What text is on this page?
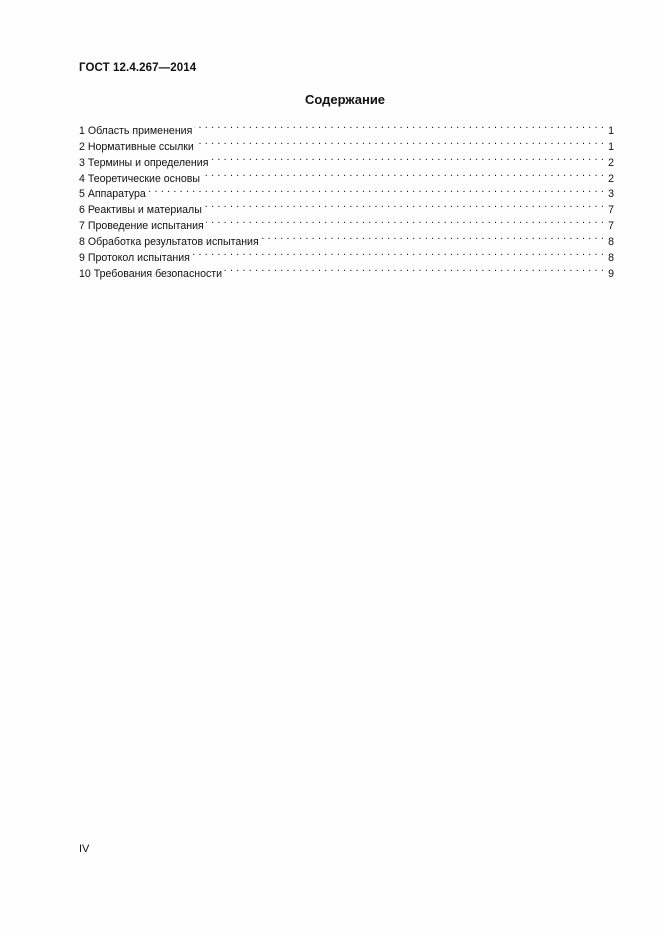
ГОСТ 12.4.267—2014
Содержание
1 Область применения . . .	1
2 Нормативные ссылки . . .	1
3 Термины и определения . . .	2
4 Теоретические основы . . .	2
5 Аппаратура . . .	3
6 Реактивы и материалы . . .	7
7 Проведение испытания . . .	7
8 Обработка результатов испытания . . .	8
9 Протокол испытания . . .	8
10 Требования безопасности . . .	9
IV
